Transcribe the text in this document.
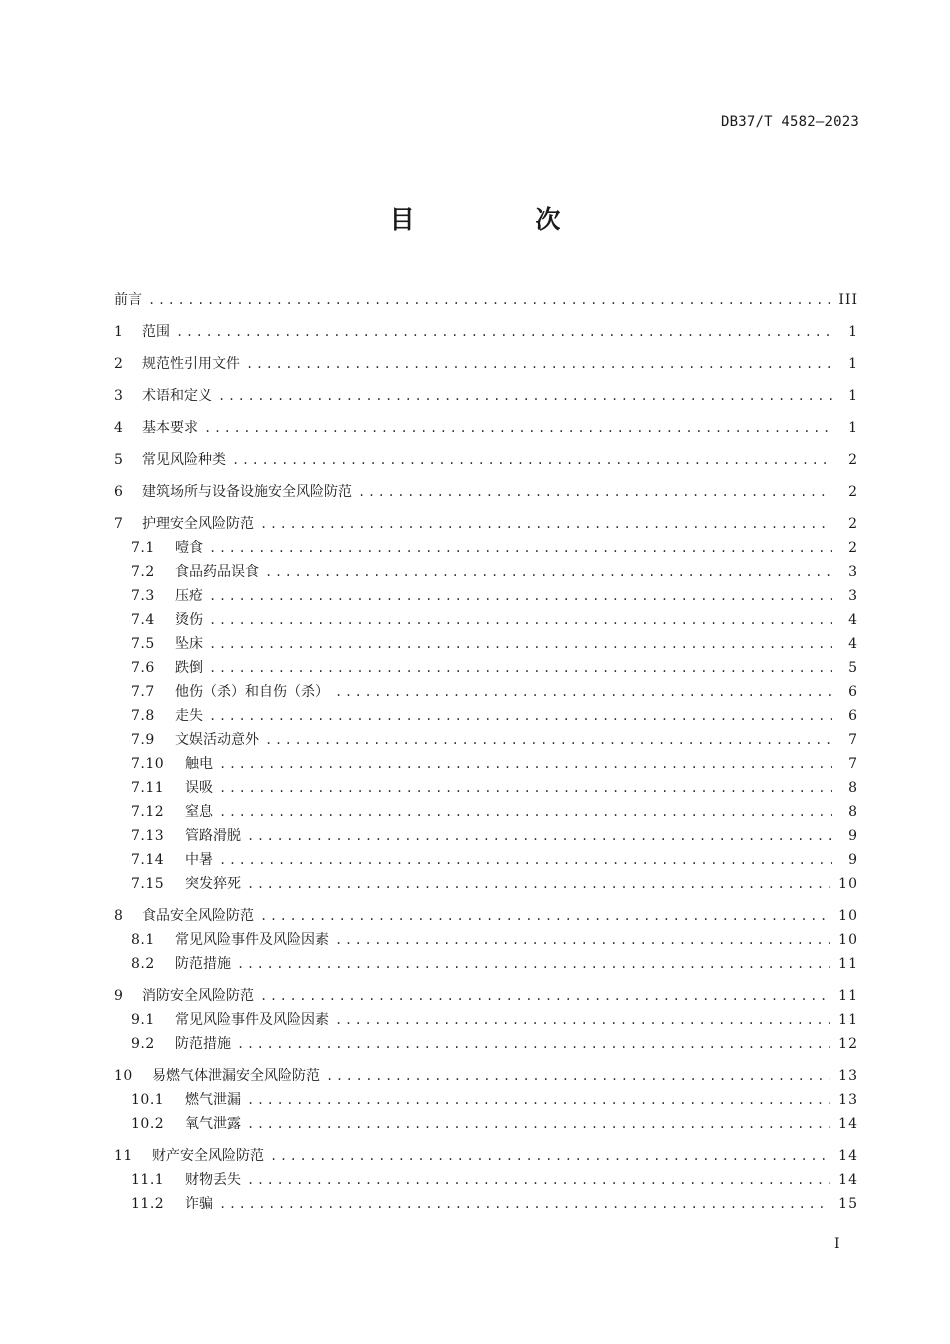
DB37/T 4582—2023
目 次
前言 .....	III
1	范围 .....	1
2	规范性引用文件 .....	1
3	术语和定义 .....	1
4	基本要求 .....	1
5	常见风险种类 .....	2
6	建筑场所与设备设施安全风险防范 .....	2
7	护理安全风险防范 .....	2
7.1	噎食 .....	2
7.2	食品药品误食 .....	3
7.3	压疮 .....	3
7.4	烫伤 .....	4
7.5	坠床 .....	4
7.6	跌倒 .....	5
7.7	他伤（杀）和自伤（杀） .....	6
7.8	走失 .....	6
7.9	文娱活动意外 .....	7
7.10	触电 .....	7
7.11	误吸 .....	8
7.12	窒息 .....	8
7.13	管路滑脱 .....	9
7.14	中暑 .....	9
7.15	突发猝死 .....	10
8	食品安全风险防范 .....	10
8.1	常见风险事件及风险因素 .....	10
8.2	防范措施 .....	11
9	消防安全风险防范 .....	11
9.1	常见风险事件及风险因素 .....	11
9.2	防范措施 .....	12
10	易燃气体泄漏安全风险防范 .....	13
10.1	燃气泄漏 .....	13
10.2	氧气泄露 .....	14
11	财产安全风险防范 .....	14
11.1	财物丢失 .....	14
11.2	诈骗 .....	15
I
